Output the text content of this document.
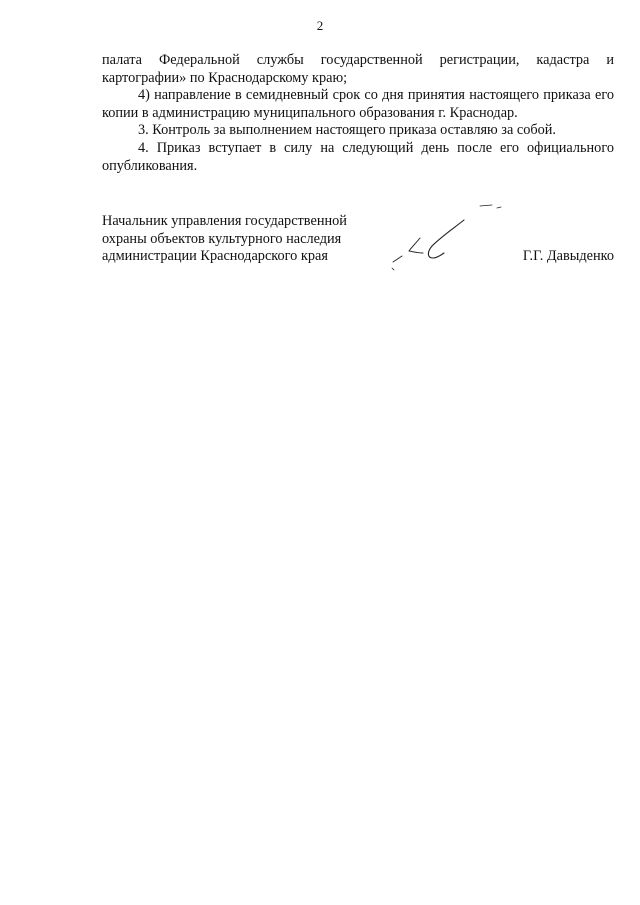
2

палата Федеральной службы государственной регистрации, кадастра и картографии» по Краснодарскому краю;

4) направление в семидневный срок со дня принятия настоящего приказа его копии в администрацию муниципального образования г. Краснодар.

3. Контроль за выполнением настоящего приказа оставляю за собой.

4. Приказ вступает в силу на следующий день после его официального опубликования.

Начальник управления государственной
охраны объектов культурного наследия
администрации Краснодарского края	Г.Г. Давыденко
